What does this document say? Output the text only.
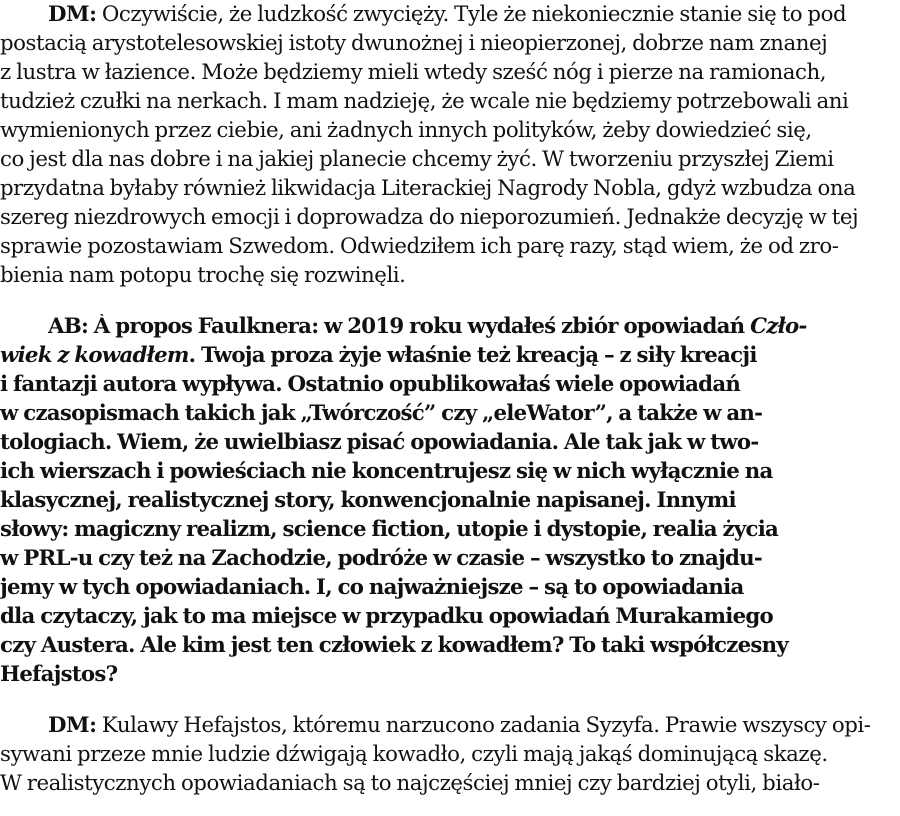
DM: Oczywiście, że ludzkość zwycięży. Tyle że niekoniecznie stanie się to pod
postacią arystotelesowskiej istoty dwunożnej i nieopierzonej, dobrze nam znanej
z lustra w łazience. Może będziemy mieli wtedy sześć nóg i pierze na ramionach,
tudzież czułki na nerkach. I mam nadzieję, że wcale nie będziemy potrzebowali ani
wymienionych przez ciebie, ani żadnych innych polityków, żeby dowiedzieć się,
co jest dla nas dobre i na jakiej planecie chcemy żyć. W tworzeniu przyszłej Ziemi
przydatna byłaby również likwidacja Literackiej Nagrody Nobla, gdyż wzbudza ona
szereg niezdrowych emocji i doprowadza do nieporozumień. Jednakże decyzję w tej
sprawie pozostawiam Szwedom. Odwiedziłem ich parę razy, stąd wiem, że od zro-
bienia nam potopu trochę się rozwinęli.
AB: À propos Faulknera: w 2019 roku wydałeś zbiór opowiadań Czło-
wiek z kowadłem. Twoja proza żyje właśnie też kreacją – z siły kreacji
i fantazji autora wypływa. Ostatnio opublikowałaś wiele opowiadań
w czasopismach takich jak „Twórczość” czy „eleWator”, a także w an-
tologiach. Wiem, że uwielbiasz pisać opowiadania. Ale tak jak w two-
ich wierszach i powieściach nie koncentrujesz się w nich wyłącznie na
klasycznej, realistycznej story, konwencjonalnie napisanej. Innymi
słowy: magiczny realizm, science fiction, utopie i dystopie, realia życia
w PRL-u czy też na Zachodzie, podróże w czasie – wszystko to znajdu-
jemy w tych opowiadaniach. I, co najważniejsze – są to opowiadania
dla czytaczy, jak to ma miejsce w przypadku opowiadań Murakamiego
czy Austera. Ale kim jest ten człowiek z kowadłem? To taki współczesny
Hefajstos?
DM: Kulawy Hefajstos, któremu narzucono zadania Syzyfa. Prawie wszyscy opi-
sywani przeze mnie ludzie dźwigają kowadło, czyli mają jakąś dominującą skazę.
W realistycznych opowiadaniach są to najczęściej mniej czy bardziej otyli, biało-
